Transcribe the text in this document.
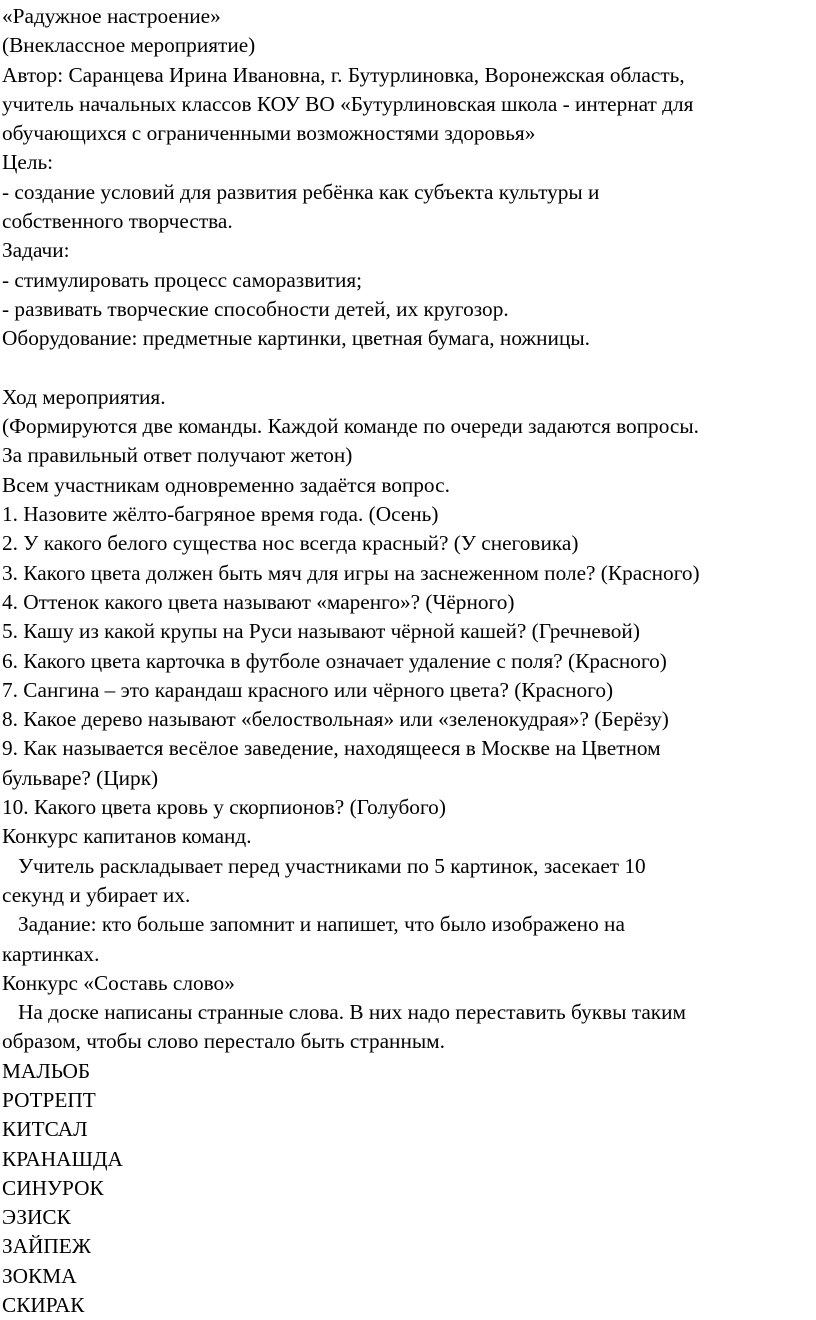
«Радужное настроение»
(Внеклассное мероприятие)
Автор: Саранцева Ирина Ивановна, г. Бутурлиновка, Воронежская область,
учитель начальных классов КОУ ВО «Бутурлиновская школа - интернат для
обучающихся с ограниченными возможностями здоровья»
Цель:
- создание условий для развития ребёнка как субъекта культуры и
собственного творчества.
Задачи:
- стимулировать процесс саморазвития;
- развивать творческие способности детей, их кругозор.
Оборудование: предметные картинки, цветная бумага, ножницы.
Ход мероприятия.
(Формируются две команды. Каждой команде по очереди задаются вопросы.
За правильный ответ получают жетон)
Всем участникам одновременно задаётся вопрос.
1. Назовите жёлто-багряное время года. (Осень)
2. У какого белого существа нос всегда красный? (У снеговика)
3. Какого цвета должен быть мяч для игры на заснеженном поле? (Красного)
4. Оттенок какого цвета называют «маренго»? (Чёрного)
5. Кашу из какой крупы на Руси называют чёрной кашей? (Гречневой)
6. Какого цвета карточка в футболе означает удаление с поля? (Красного)
7. Сангина – это карандаш красного или чёрного цвета? (Красного)
8. Какое дерево называют «белоствольная» или «зеленокудрая»? (Берёзу)
9. Как называется весёлое заведение, находящееся в Москве на Цветном
бульваре? (Цирк)
10. Какого цвета кровь у скорпионов? (Голубого)
Конкурс капитанов команд.
Учитель раскладывает перед участниками по 5 картинок, засекает 10
секунд и убирает их.
Задание: кто больше запомнит и напишет, что было изображено на
картинках.
Конкурс «Составь слово»
На доске написаны странные слова. В них надо переставить буквы таким
образом, чтобы слово перестало быть странным.
МАЛЬОБ
РОТРЕПТ
КИТСАЛ
КРАНАШДА
СИНУРОК
ЭЗИСК
ЗАЙПЕЖ
ЗОКМА
СКИРАК
